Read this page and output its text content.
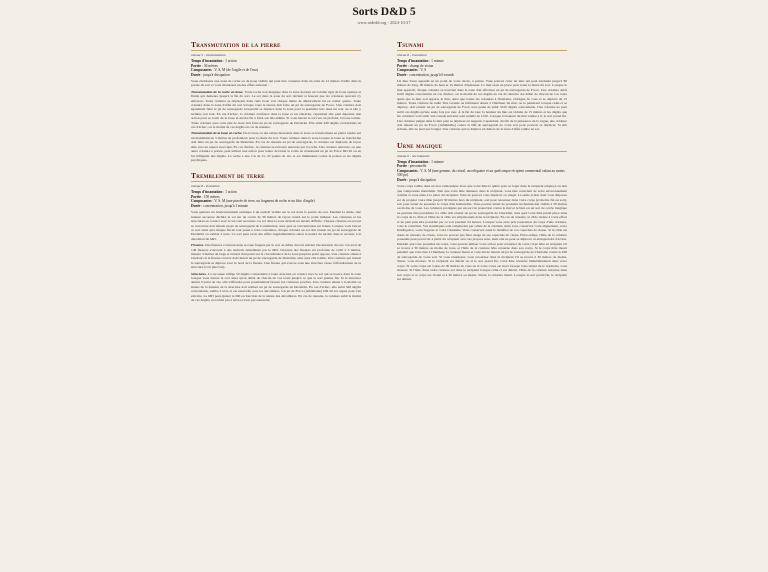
Sorts D&D 5
www.aidedd.org - 2024-10-27
Transmutation de la pierre
niveau 5 - transmutation
Temps d'incantation : 1 action
Portée : 36 mètres
Composantes : V, S, M (de l'argile et de l'eau)
Durée : jusqu'à dissipation
Vous choisissez une zone de roche ou de boue visible qui peut être contenue dans un cube de 12 mètres d'arête dans la portée du sort et vous choisissez un des effets suivants :
Transmutation de la roche en boue. Toute roche non magique dans la zone devient un volume égal de boue épaisse et fluide qui demeure jusqu'à la fin du sort. Le sol dans la zone du sort devient si boueux que les créatures peuvent s'y enfoncer. Toute créature se déplaçant dans cette boue voit chaque mètre de déplacement lui en coûter quatre. Toute créature dans la zone d'effet du sort lorsque vous le lancez doit faire un jet de sauvegarde de Force. Une créature doit également faire le jet de sauvegarde lorsqu'elle se déplace dans la zone pour la première fois dans un tour ou si elle y termine son tour. En cas d'échec, la créature s'enfonce dans la boue et est entravée, cependant elle peut dépenser une action pour se sortir de la boue et mettre fin à l'état sur elle-même. Si vous lancez le sort sur un plafond, la boue tombe. Toute créature sous cette pile de boue doit faire un jet de sauvegarde de Dextérité. Elle subit 4d8 dégâts contondants en cas d'échec, ou la moitié de ces dégâts en cas de réussite.
Transmutation de la boue en roche. De la boue ou des sables mouvants dans la zone se transforment en pierre tendre sur un maximum de 3 mètres de profondeur pour la durée du sort. Toute créature dans la zone lorsque la boue se transforme doit faire un jet de sauvegarde de Dextérité. En cas de réussite au jet de sauvegarde, la créature est déplacée de façon sûre vers un espace inoccupé. En cas d'échec, la créature se retrouve entravée par la roche. Une créature entravée, ou une autre créature à portée, peut utiliser une action pour tenter de briser la roche en réussissant un jet de Force DD 20 ou en lui infligeant des dégâts. La roche a une CA de 15, 25 points de vie, et est immunisée contre le poison et les dégâts psychiques.
Tremblement de terre
niveau 8 - évocation
Temps d'incantation : 1 action
Portée : 150 mètres
Composantes : V, S, M (une pincée de terre, un fragment de roche et un bloc d'argile)
Durée : concentration, jusqu'à 1 minute
Vous générez un bouleversement sismique à un endroit visible sur le sol dans la portée du sort. Pendant la durée, une intense secousse déchire le sol sur un cercle de 30 mètres de rayon centré sur le point indiqué. Les créatures et les structures en contact avec le sol sont secouées. Le sol dans la zone devient un terrain difficile. Chaque créature au sol qui se concentre doit réussir un jet de sauvegarde de Constitution, sans quoi sa concentration est brisée. Lorsque vous lancez ce sort ainsi qu'à chaque fin de tour passé à vous concentrer, chaque créature au sol doit réussir un jet de sauvegarde de Dextérité ou tomber à terre. Ce sort peut avoir des effets supplémentaires selon la nature du terrain dans le secteur, à la discrétion du MD.
Fissures. Des fissures s'ouvrent dans la zone frappée par le sort au début du tour suivant l'incantation du sort. Un total de 1d6 fissures s'ouvrent à des endroits déterminés par le MD. Chacune des fissures est profonde de 1d10 x 3 mètres, mesure 3 mètres de large et s'étend d'un point sur la circonférence de la zone jusqu'au point opposé. Une créature située à l'endroit où la fissure s'ouvre doit réussir un jet de sauvegarde de Dextérité, sans quoi elle tombe. Une créature qui réussit le sauvegarde se déplace avec le bord de la fissure. Une fissure qui s'ouvre sous une structure cause l'effondrement de la structure (voir plus bas).
Structures. La secousse inflige 50 dégâts contondants à toute structure en contact avec le sol qui se trouve dans la zone lorsque vous lancez le sort ainsi qu'au début de chacun de vos tours jusqu'à ce que le sort prenne fin. Si la structure atteint 0 point de vie, elle s'effondre pour possiblement blesser les créatures proches. Une créature située à la moitié ou moins de la hauteur de la structure doit réaliser un jet de sauvegarde de Dextérité. En cas d'échec, elle subit 5d6 dégâts contondants, tombe à terre et est ensevelie sous les décombres. Un jet de Force (Athlétisme) DD 20 est requis pour s'en extraire. Le MD peut ajuster le DD en fonction de la nature des décombres. En cas de réussite, la créature subit la moitié de ces dégâts, ne tombe pas à terre et n'est pas ensevelie.
Tsunami
niveau 8 - invocation
Temps d'incantation : 1 minute
Portée : champ de vision
Composantes : V, S
Durée : concentration, jusqu'à 6 rounds
Un mur d'eau apparaît en un point de votre choix, à portée. Vous pouvez créer un mur qui peut atteindre jusqu'à 90 mètres de long, 90 mètres de haut et 15 mètres d'épaisseur. Le mur reste en place pour toute la durée du sort. Lorsque le mur apparaît, chaque créature se trouvant dans la zone doit effectuer un jet de sauvegarde de Force. Une créature subit 6d10 dégâts contondants en cas d'échec, ou la moitié de ces dégâts en cas de réussite. Au début de chacun de vos tours après que le mur soit apparu, le mur, ainsi que toutes les créatures à l'intérieur, s'éloigne de vous et se déplace de 15 mètres. Toute créature de taille Très Grande ou inférieure située à l'intérieur du mur, ou le pénétrant lorsque celui-ci se déplace, doit réussir un jet de sauvegarde de Force sous peine de subir 5d10 dégâts contondants. Une créature ne peut subir ces dégâts qu'une seule fois par tour. À la fin du tour, la hauteur du mur est réduite de 15 mètres et les dégâts que les créatures vont subir aux rounds suivants sont réduits de 1d10. Lorsque la hauteur du mur tombe à 0, le sort prend fin. Une créature piégée dans le mur peut se déplacer en nageant. Cependant, du fait de la puissance de la vague, une créature doit réussir un jet de Force (Athlétisme) contre le DD de sauvegarde de votre sort pour pouvoir se déplacer. Si elle échoue, elle ne peut pas bouger. Une créature qui se déplace en dehors de la zone d'effet tombe au sol.
Urne magique
niveau 6 - nécromancie
Temps d'incantation : 1 minute
Portée : personnelle
Composantes : V, S, M (une gemme, du cristal, un reliquaire et un quelconque récipient ornemental valant au moins 500 po)
Durée : jusqu'à dissipation
Votre corps tombe dans un état cataleptique alors que votre âme le quitte pour se loger dans le récipient employé en tant que composante matérielle. Tant que votre âme demeure dans le récipient, vous êtes conscient de votre environnement comme si vous étiez à la place du récipient. Vous ne pouvez vous déplacer ou réagir. La seule action dont vous disposez est de projeter votre âme jusqu'à 30 mètres hors du récipient, soit pour retourner dans votre corps (et mettre fin au sort), soit pour tenter de posséder le corps d'un humanoïde. Vous pouvez tenter de posséder un humanoïde visible à 30 mètres ou moins de vous. Les créatures protégées par un sort de protection contre le mal et le bien ou un sort de cercle magique ne peuvent être possédées. La cible doit réussir un jet de sauvegarde de Charisme, sans quoi votre âme prend place dans le corps de la cible et l'âme de la cible est emprisonnée dans le récipient. En cas de réussite, la cible résiste à votre effort et ne peut plus être possédée par ce sort pendant 24 heures. Lorsque vous avez pris possession du corps d'une créature, vous le contrôlez. Vos statistiques sont remplacées par celles de la créature, mais vous conservez votre alignement, votre Intelligence, votre Sagesse et votre Charisme. Vous conservez aussi le bénéfice de vos capacités de classe. Si la cible est dotée de niveaux de classe, vous ne pouvez pas faire usage de ses capacités de classe. Entre-temps, l'âme de la créature possédée peut percevoir à partir du récipient avec ses propres sens, mais elle ne peut se déplacer ni entreprendre d'action. Pendant que vous possédez un corps, vous pouvez utiliser votre action pour retourner de votre corps hôte au récipient s'il se trouve à 30 mètres ou moins de vous, et l'âme de la créature hôte retourne dans son corps. Si le corps hôte meurt pendant que vous êtes à l'intérieur, la créature meurt et vous devez réussir un jet de sauvegarde de Charisme contre le DD de sauvegarde de votre sort. Si vous réussissez, vous retournez dans le récipient s'il se trouve à 30 mètres ou moins. Sinon, vous mourez. Si le récipient est détruit ou si le sort prend fin, votre âme retourne immédiatement dans votre corps. Si votre corps est à plus de 30 mètres de vous ou si votre corps est mort lorsque vous tentez de le rejoindre, vous mourez. Si l'âme d'une autre créature est dans le récipient lorsque celui-ci est détruit, l'âme de la créature retourne dans son corps si ce corps est vivant et à 30 mètres ou moins. Sinon, la créature meurt. Lorsque le sort prend fin, le récipient est détruit.
